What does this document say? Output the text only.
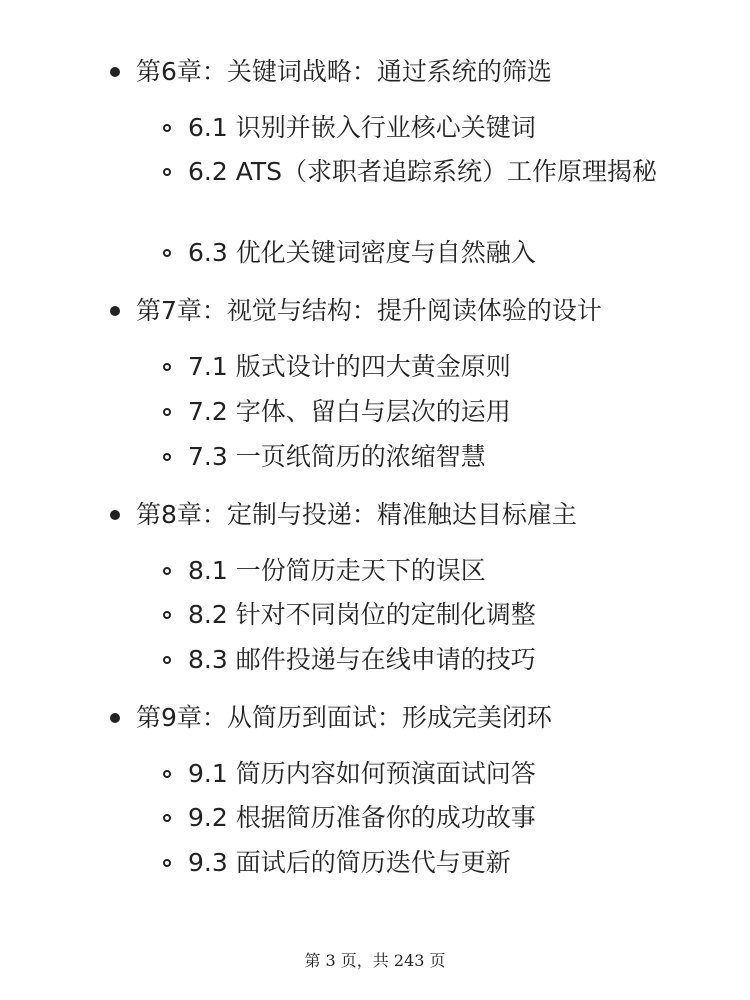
第6章：关键词战略：通过系统的筛选
6.1 识别并嵌入行业核心关键词
6.2 ATS（求职者追踪系统）工作原理揭秘
6.3 优化关键词密度与自然融入
第7章：视觉与结构：提升阅读体验的设计
7.1 版式设计的四大黄金原则
7.2 字体、留白与层次的运用
7.3 一页纸简历的浓缩智慧
第8章：定制与投递：精准触达目标雇主
8.1 一份简历走天下的误区
8.2 针对不同岗位的定制化调整
8.3 邮件投递与在线申请的技巧
第9章：从简历到面试：形成完美闭环
9.1 简历内容如何预演面试问答
9.2 根据简历准备你的成功故事
9.3 面试后的简历迭代与更新
第 3 页，共 243 页
